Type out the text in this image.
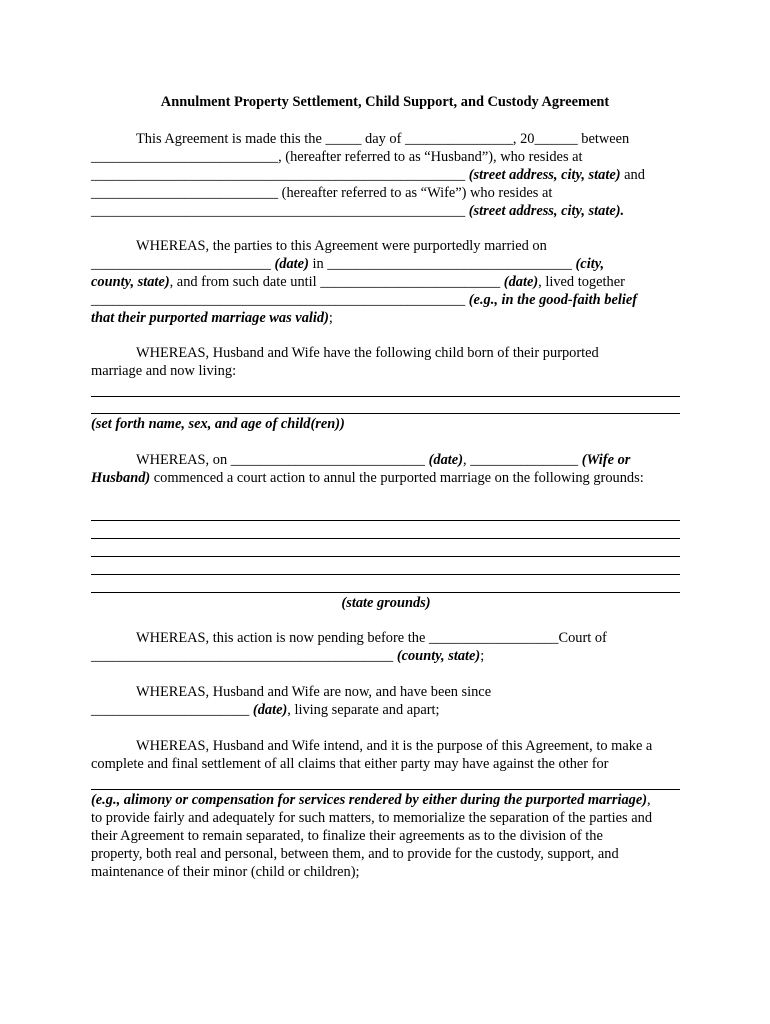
Annulment Property Settlement, Child Support, and Custody Agreement
This Agreement is made this the _____ day of _______________, 20______ between
__________________________, (hereafter referred to as “Husband”), who resides at
____________________________________________________ (street address, city, state) and
__________________________ (hereafter referred to as “Wife”) who resides at
____________________________________________________ (street address, city, state).
WHEREAS, the parties to this Agreement were purportedly married on
_________________________ (date) in __________________________________ (city,
county, state), and from such date until _________________________ (date), lived together
____________________________________________________ (e.g., in the good-faith belief
that their purported marriage was valid);
WHEREAS, Husband and Wife have the following child born of their purported
marriage and now living:
(set forth name, sex, and age of child(ren))
WHEREAS, on ___________________________ (date), _______________ (Wife or
Husband) commenced a court action to annul the purported marriage on the following grounds:
(state grounds)
WHEREAS, this action is now pending before the __________________Court of
__________________________________________ (county, state);
WHEREAS, Husband and Wife are now, and have been since
______________________ (date), living separate and apart;
WHEREAS, Husband and Wife intend, and it is the purpose of this Agreement, to make a
complete and final settlement of all claims that either party may have against the other for
(e.g., alimony or compensation for services rendered by either during the purported marriage),
to provide fairly and adequately for such matters, to memorialize the separation of the parties and
their Agreement to remain separated, to finalize their agreements as to the division of the
property, both real and personal, between them, and to provide for the custody, support, and
maintenance of their minor (child or children);
